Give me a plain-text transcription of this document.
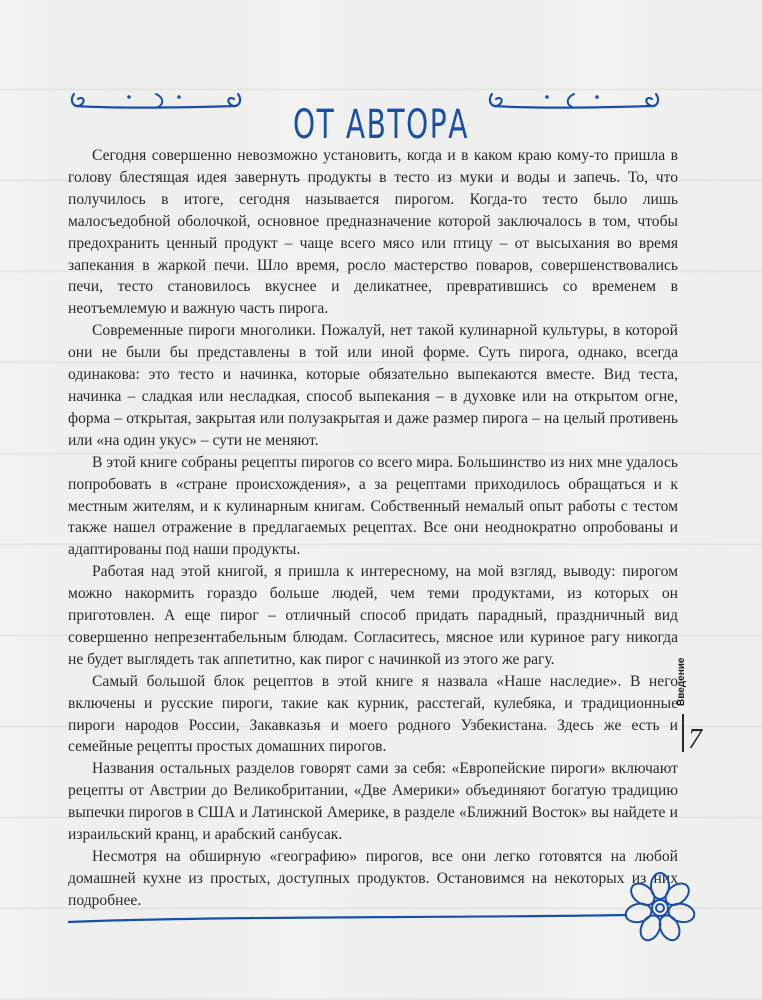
ОТ АВТОРА

Сегодня совершенно невозможно установить, когда и в каком краю кому-то пришла в голову блестящая идея завернуть продукты в тесто из муки и воды и запечь. То, что получилось в итоге, сегодня называется пирогом. Когда-то тесто было лишь малосъедобной оболочкой, основное предназначение которой заключалось в том, чтобы предохранить ценный продукт – чаще всего мясо или птицу – от высыхания во время запекания в жаркой печи. Шло время, росло мастерство поваров, совершенствовались печи, тесто становилось вкуснее и деликатнее, превратившись со временем в неотъемлемую и важную часть пирога.

Современные пироги многолики. Пожалуй, нет такой кулинарной культуры, в которой они не были бы представлены в той или иной форме. Суть пирога, однако, всегда одинакова: это тесто и начинка, которые обязательно выпекаются вместе. Вид теста, начинка – сладкая или несладкая, способ выпекания – в духовке или на открытом огне, форма – открытая, закрытая или полузакрытая и даже размер пирога – на целый противень или «на один укус» – сути не меняют.

В этой книге собраны рецепты пирогов со всего мира. Большинство из них мне удалось попробовать в «стране происхождения», а за рецептами приходилось обращаться и к местным жителям, и к кулинарным книгам. Собственный немалый опыт работы с тестом также нашел отражение в предлагаемых рецептах. Все они неоднократно опробованы и адаптированы под наши продукты.

Работая над этой книгой, я пришла к интересному, на мой взгляд, выводу: пирогом можно накормить гораздо больше людей, чем теми продуктами, из которых он приготовлен. А еще пирог – отличный способ придать парадный, праздничный вид совершенно непрезентабельным блюдам. Согласитесь, мясное или куриное рагу никогда не будет выглядеть так аппетитно, как пирог с начинкой из этого же рагу.

Самый большой блок рецептов в этой книге я назвала «Наше наследие». В него включены и русские пироги, такие как курник, расстегай, кулебяка, и традиционные пироги народов России, Закавказья и моего родного Узбекистана. Здесь же есть и семейные рецепты простых домашних пирогов.

Названия остальных разделов говорят сами за себя: «Европейские пироги» включают рецепты от Австрии до Великобритании, «Две Америки» объединяют богатую традицию выпечки пирогов в США и Латинской Америке, в разделе «Ближний Восток» вы найдете и израильский кранц, и арабский санбусак.

Несмотря на обширную «географию» пирогов, все они легко готовятся на любой домашней кухне из простых, доступных продуктов. Остановимся на некоторых из них подробнее.

Введение
7
